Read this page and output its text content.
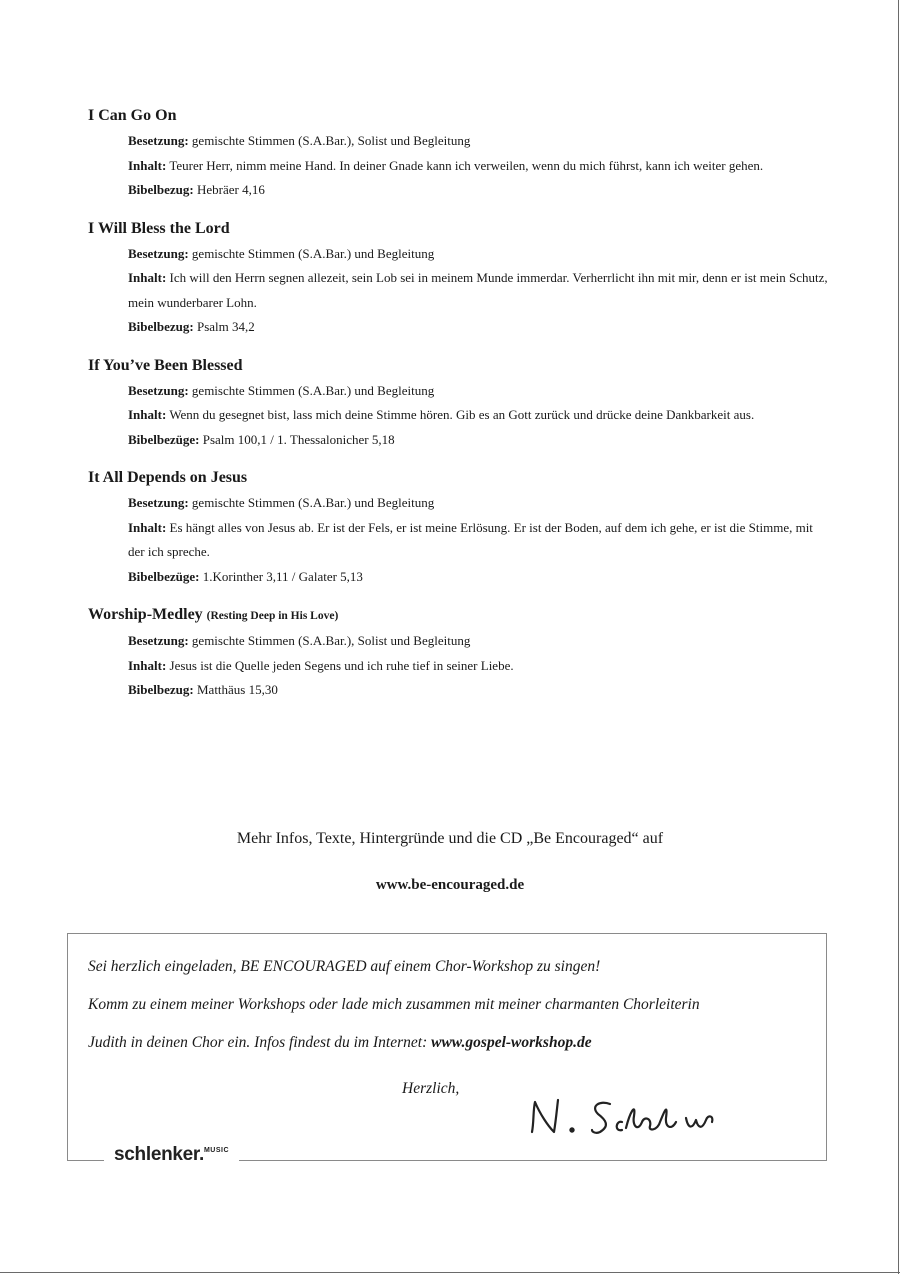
I Can Go On
Besetzung: gemischte Stimmen (S.A.Bar.), Solist und Begleitung
Inhalt: Teurer Herr, nimm meine Hand. In deiner Gnade kann ich verweilen, wenn du mich führst, kann ich weiter gehen.
Bibelbezug: Hebräer 4,16
I Will Bless the Lord
Besetzung: gemischte Stimmen (S.A.Bar.) und Begleitung
Inhalt: Ich will den Herrn segnen allezeit, sein Lob sei in meinem Munde immerdar. Verherrlicht ihn mit mir, denn er ist mein Schutz, mein wunderbarer Lohn.
Bibelbezug: Psalm 34,2
If You’ve Been Blessed
Besetzung: gemischte Stimmen (S.A.Bar.) und Begleitung
Inhalt: Wenn du gesegnet bist, lass mich deine Stimme hören. Gib es an Gott zurück und drücke deine Dankbarkeit aus.
Bibelbezüge: Psalm 100,1 / 1. Thessalonicher 5,18
It All Depends on Jesus
Besetzung: gemischte Stimmen (S.A.Bar.) und Begleitung
Inhalt: Es hängt alles von Jesus ab. Er ist der Fels, er ist meine Erlösung. Er ist der Boden, auf dem ich gehe, er ist die Stimme, mit der ich spreche.
Bibelbezüge: 1.Korinther 3,11 / Galater 5,13
Worship-Medley (Resting Deep in His Love)
Besetzung: gemischte Stimmen (S.A.Bar.), Solist und Begleitung
Inhalt: Jesus ist die Quelle jeden Segens und ich ruhe tief in seiner Liebe.
Bibelbezug: Matthäus 15,30
Mehr Infos, Texte, Hintergründe und die CD „Be Encouraged“ auf
www.be-encouraged.de
Sei herzlich eingeladen, BE ENCOURAGED auf einem Chor-Workshop zu singen!
Komm zu einem meiner Workshops oder lade mich zusammen mit meiner charmanten Chorleiterin
Judith in deinen Chor ein. Infos findest du im Internet: www.gospel-workshop.de
Herzlich,
schlenker.$^{MUSIC}$
